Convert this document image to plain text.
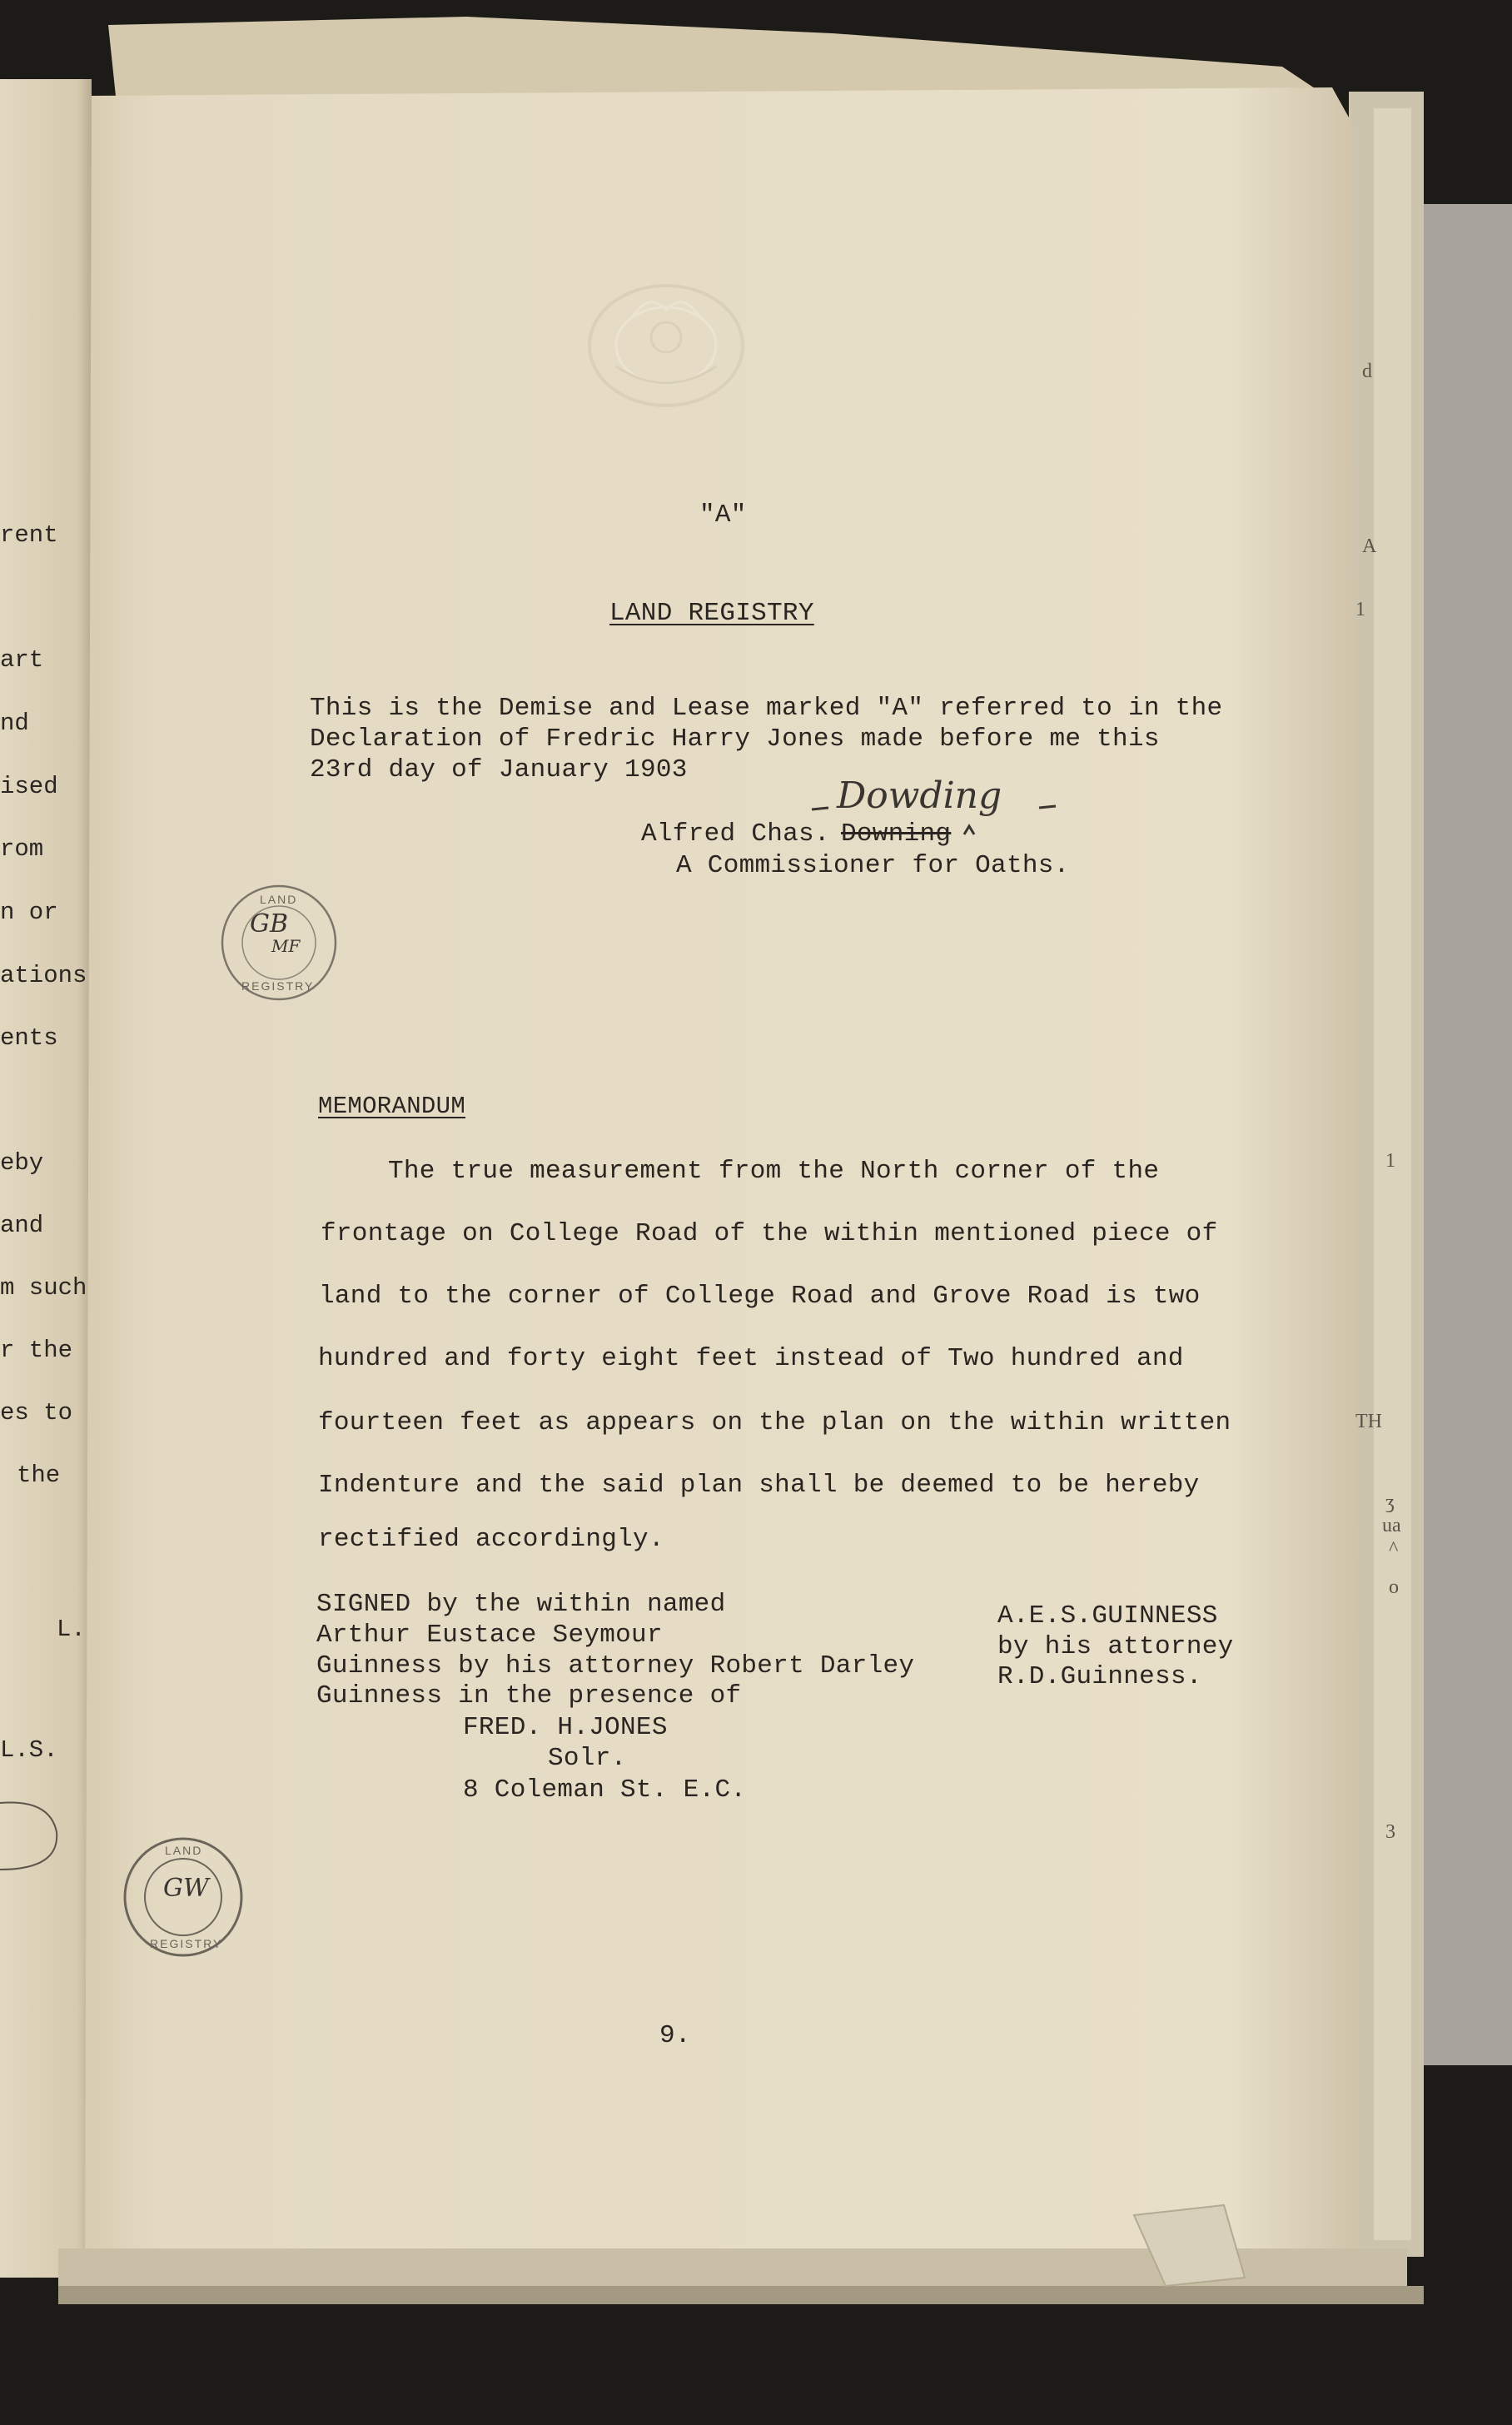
rent
art
nd
ised
rom
n or
ations
ents
eby
and
m such
r the
es to
the
L.
L.S.
d
A
1
1
TH
ʒ
ua
^
o
3
"A"
LAND REGISTRY
This is the Demise and Lease marked "A" referred to in the
Declaration of Fredric Harry Jones made before me this
23rd day of January 1903
Alfred Chas. Downing
Dowding
A Commissioner for Oaths.
MEMORANDUM
The true measurement from the North corner of the
frontage on College Road of the within mentioned piece of
land to the corner of College Road and Grove Road is two
hundred and forty eight feet instead of Two hundred and
fourteen feet as appears on the plan on the within written
Indenture and the said plan shall be deemed to be hereby
rectified accordingly.
SIGNED by the within named
Arthur Eustace Seymour
Guinness by his attorney Robert Darley
Guinness in the presence of
FRED. H.JONES
Solr.
8 Coleman St. E.C.
A.E.S.GUINNESS
by his attorney
R.D.Guinness.
9.
LAND
REGISTRY
GB
MF
LAND
REGISTRY
GW
